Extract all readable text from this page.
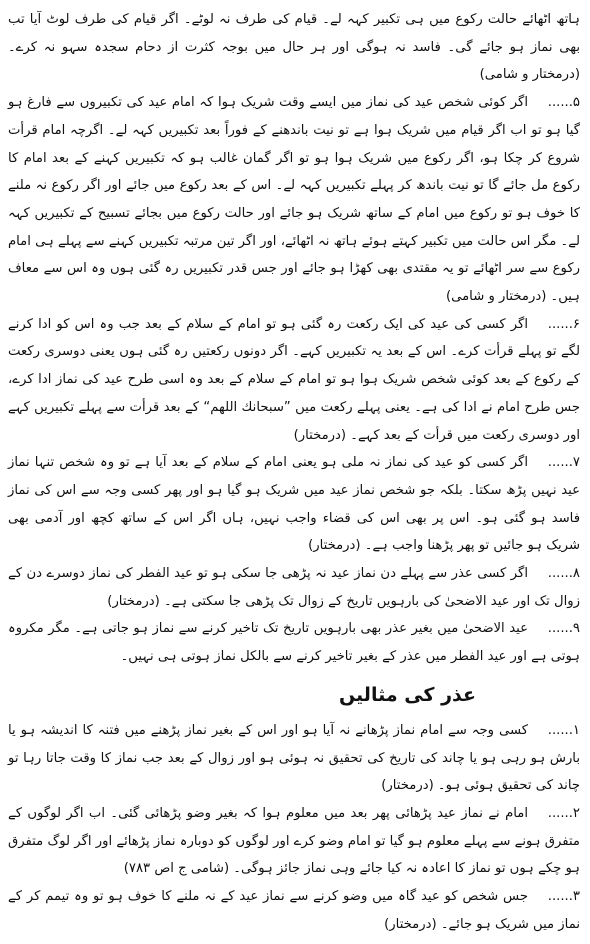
ہاتھ اٹھائے حالت رکوع میں ہی تکبیر کہہ لے۔ قیام کی طرف نہ لوٹے۔ اگر قیام کی طرف لوٹ آیا تب بھی نماز ہو جائے گی۔ فاسد نہ ہوگی اور ہر حال میں بوجہ کثرت از دحام سجدہ سہو نہ کرے۔ (درمختار و شامی)

۵......اگر کوئی شخص عید کی نماز میں ایسے وقت شریک ہوا کہ امام عید کی تکبیروں سے فارغ ہو گیا ہو تو اب اگر قیام میں شریک ہوا ہے تو نیت باندھنے کے فوراً بعد تکبیریں کہہ لے۔ اگرچہ امام قرأت شروع کر چکا ہو، اگر رکوع میں شریک ہوا ہو تو اگر گمان غالب ہو کہ تکبیریں کہنے کے بعد امام کا رکوع مل جائے گا تو نیت باندھ کر پہلے تکبیریں کہہ لے۔ اس کے بعد رکوع میں جائے اور اگر رکوع نہ ملنے کا خوف ہو تو رکوع میں امام کے ساتھ شریک ہو جائے اور حالت رکوع میں بجائے تسبیح کے تکبیریں کہہ لے۔ مگر اس حالت میں تکبیر کہتے ہوئے ہاتھ نہ اٹھائے، اور اگر تین مرتبہ تکبیریں کہنے سے پہلے ہی امام رکوع سے سر اٹھائے تو یہ مقتدی بھی کھڑا ہو جائے اور جس قدر تکبیریں رہ گئی ہوں وہ اس سے معاف ہیں۔ (درمختار و شامی)

۶......اگر کسی کی عید کی ایک رکعت رہ گئی ہو تو امام کے سلام کے بعد جب وہ اس کو ادا کرنے لگے تو پہلے قرأت کرے۔ اس کے بعد یہ تکبیریں کہے۔ اگر دونوں رکعتیں رہ گئی ہوں یعنی دوسری رکعت کے رکوع کے بعد کوئی شخص شریک ہوا ہو تو امام کے سلام کے بعد وہ اسی طرح عید کی نماز ادا کرے، جس طرح امام نے ادا کی ہے۔ یعنی پہلے رکعت میں ”سبحانك اللھم“ کے بعد قرأت سے پہلے تکبیریں کہے اور دوسری رکعت میں قرأت کے بعد کہے۔ (درمختار)

۷......اگر کسی کو عید کی نماز نہ ملی ہو یعنی امام کے سلام کے بعد آیا ہے تو وہ شخص تنہا نماز عید نہیں پڑھ سکتا۔ بلکہ جو شخص نماز عید میں شریک ہو گیا ہو اور پھر کسی وجہ سے اس کی نماز فاسد ہو گئی ہو۔ اس پر بھی اس کی قضاء واجب نہیں، ہاں اگر اس کے ساتھ کچھ اور آدمی بھی شریک ہو جائیں تو پھر پڑھنا واجب ہے۔ (درمختار)

۸......اگر کسی عذر سے پہلے دن نماز عید نہ پڑھی جا سکی ہو تو عید الفطر کی نماز دوسرے دن کے زوال تک اور عید الاضحیٰ کی بارہویں تاریخ کے زوال تک پڑھی جا سکتی ہے۔ (درمختار)

۹......عید الاضحیٰ میں بغیر عذر بھی بارہویں تاریخ تک تاخیر کرنے سے نماز ہو جاتی ہے۔ مگر مکروہ ہوتی ہے اور عید الفطر میں عذر کے بغیر تاخیر کرنے سے بالکل نماز ہوتی ہی نہیں۔

عذر کی مثالیں

۱......کسی وجہ سے امام نماز پڑھانے نہ آیا ہو اور اس کے بغیر نماز پڑھنے میں فتنہ کا اندیشہ ہو یا بارش ہو رہی ہو یا چاند کی تاریخ کی تحقیق نہ ہوئی ہو اور زوال کے بعد جب نماز کا وقت جاتا رہا تو چاند کی تحقیق ہوئی ہو۔ (درمختار)

۲......امام نے نماز عید پڑھائی پھر بعد میں معلوم ہوا کہ بغیر وضو پڑھائی گئی۔ اب اگر لوگوں کے متفرق ہونے سے پہلے معلوم ہو گیا تو امام وضو کرے اور لوگوں کو دوبارہ نماز پڑھائے اور اگر لوگ متفرق ہو چکے ہوں تو نماز کا اعادہ نہ کیا جائے وہی نماز جائز ہوگی۔ (شامی ج اص ۷۸۳)

۳......جس شخص کو عید گاہ میں وضو کرنے سے نماز عید کے نہ ملنے کا خوف ہو تو وہ تیمم کر کے نماز میں شریک ہو جائے۔ (درمختار)
